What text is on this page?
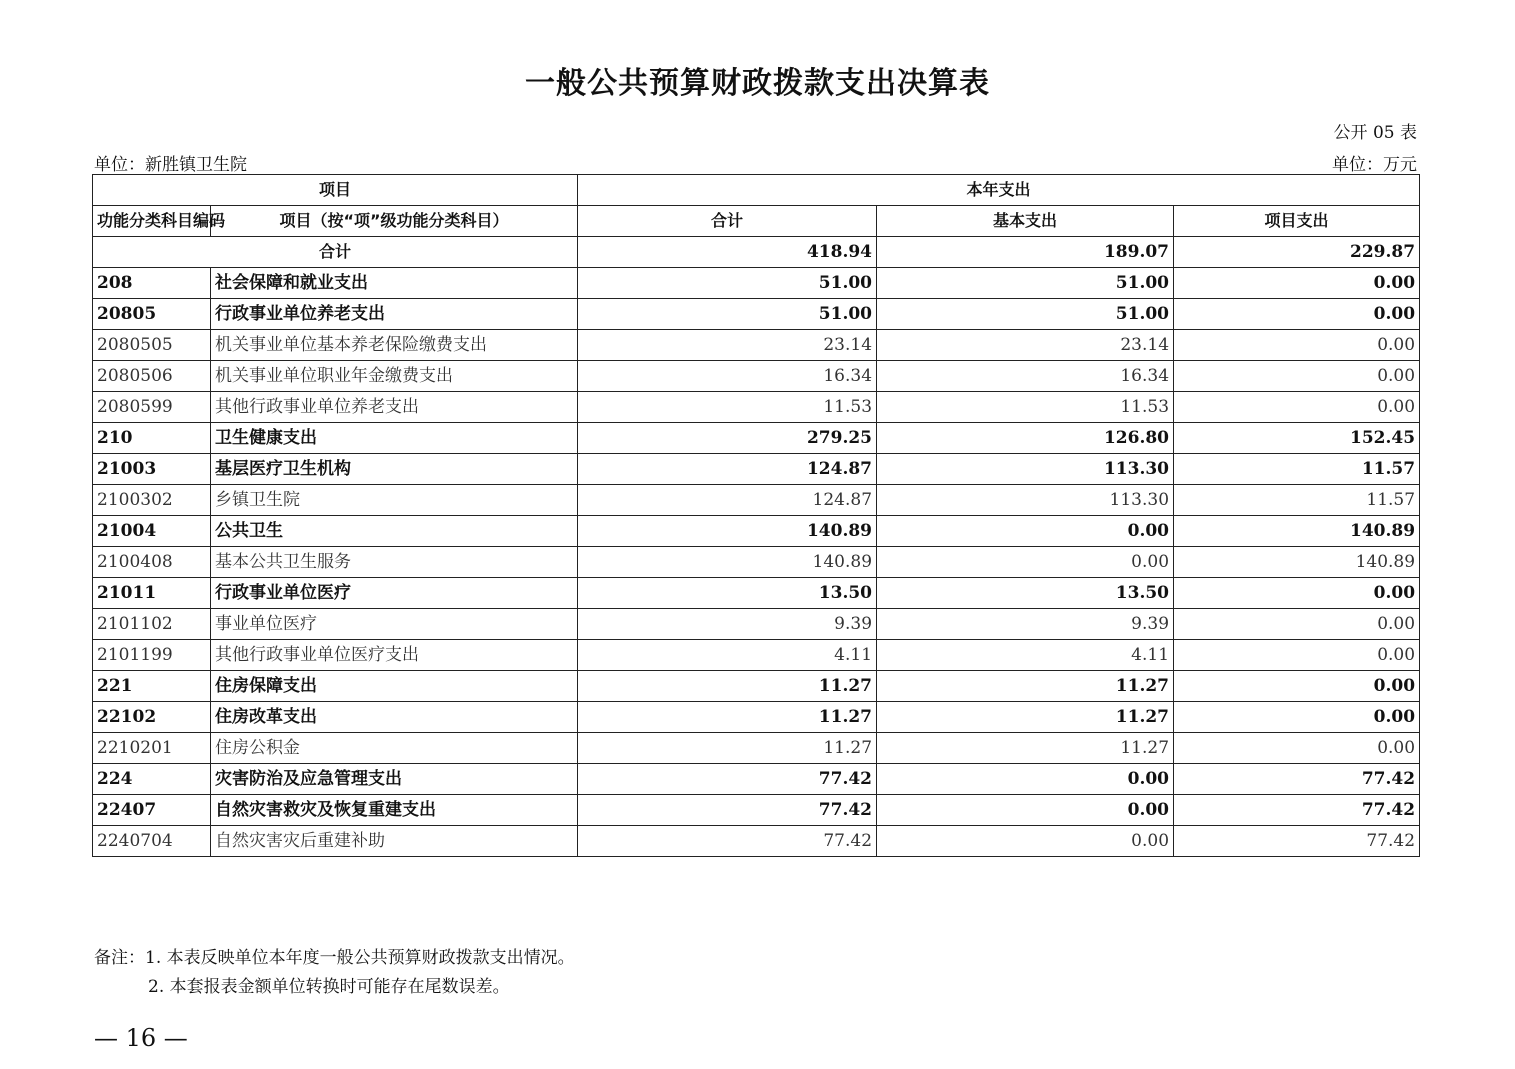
一般公共预算财政拨款支出决算表
公开 05 表
单位：新胜镇卫生院	单位：万元
项目		本年支出		
功能分类科目编码	项目（按“项”级功能分类科目）	合计	基本支出	项目支出
合计		418.94	189.07	229.87
208	社会保障和就业支出	51.00	51.00	0.00
20805	行政事业单位养老支出	51.00	51.00	0.00
2080505	机关事业单位基本养老保险缴费支出	23.14	23.14	0.00
2080506	机关事业单位职业年金缴费支出	16.34	16.34	0.00
2080599	其他行政事业单位养老支出	11.53	11.53	0.00
210	卫生健康支出	279.25	126.80	152.45
21003	基层医疗卫生机构	124.87	113.30	11.57
2100302	乡镇卫生院	124.87	113.30	11.57
21004	公共卫生	140.89	0.00	140.89
2100408	基本公共卫生服务	140.89	0.00	140.89
21011	行政事业单位医疗	13.50	13.50	0.00
2101102	事业单位医疗	9.39	9.39	0.00
2101199	其他行政事业单位医疗支出	4.11	4.11	0.00
221	住房保障支出	11.27	11.27	0.00
22102	住房改革支出	11.27	11.27	0.00
2210201	住房公积金	11.27	11.27	0.00
224	灾害防治及应急管理支出	77.42	0.00	77.42
22407	自然灾害救灾及恢复重建支出	77.42	0.00	77.42
2240704	自然灾害灾后重建补助	77.42	0.00	77.42
备注：1. 本表反映单位本年度一般公共预算财政拨款支出情况。
2. 本套报表金额单位转换时可能存在尾数误差。
— 16 —
